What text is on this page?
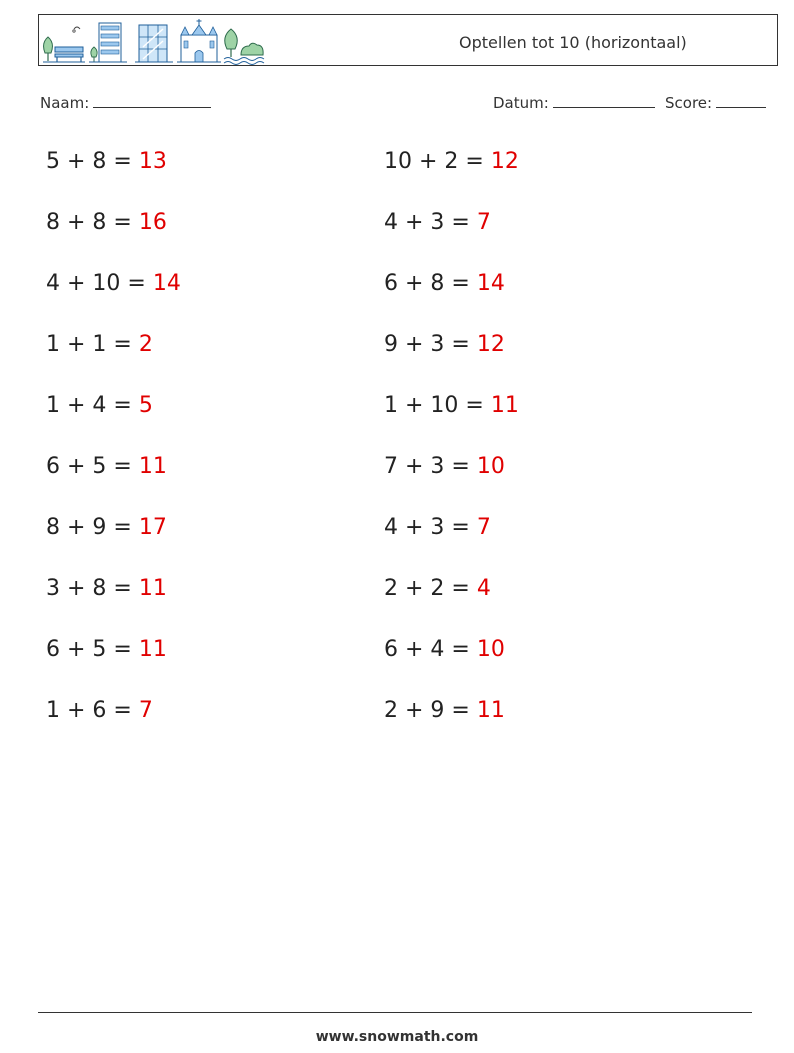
Optellen tot 10 (horizontaal)
Naam:	Datum:	Score:
5 + 8 = 13
8 + 8 = 16
4 + 10 = 14
1 + 1 = 2
1 + 4 = 5
6 + 5 = 11
8 + 9 = 17
3 + 8 = 11
6 + 5 = 11
1 + 6 = 7
10 + 2 = 12
4 + 3 = 7
6 + 8 = 14
9 + 3 = 12
1 + 10 = 11
7 + 3 = 10
4 + 3 = 7
2 + 2 = 4
6 + 4 = 10
2 + 9 = 11
www.snowmath.com
